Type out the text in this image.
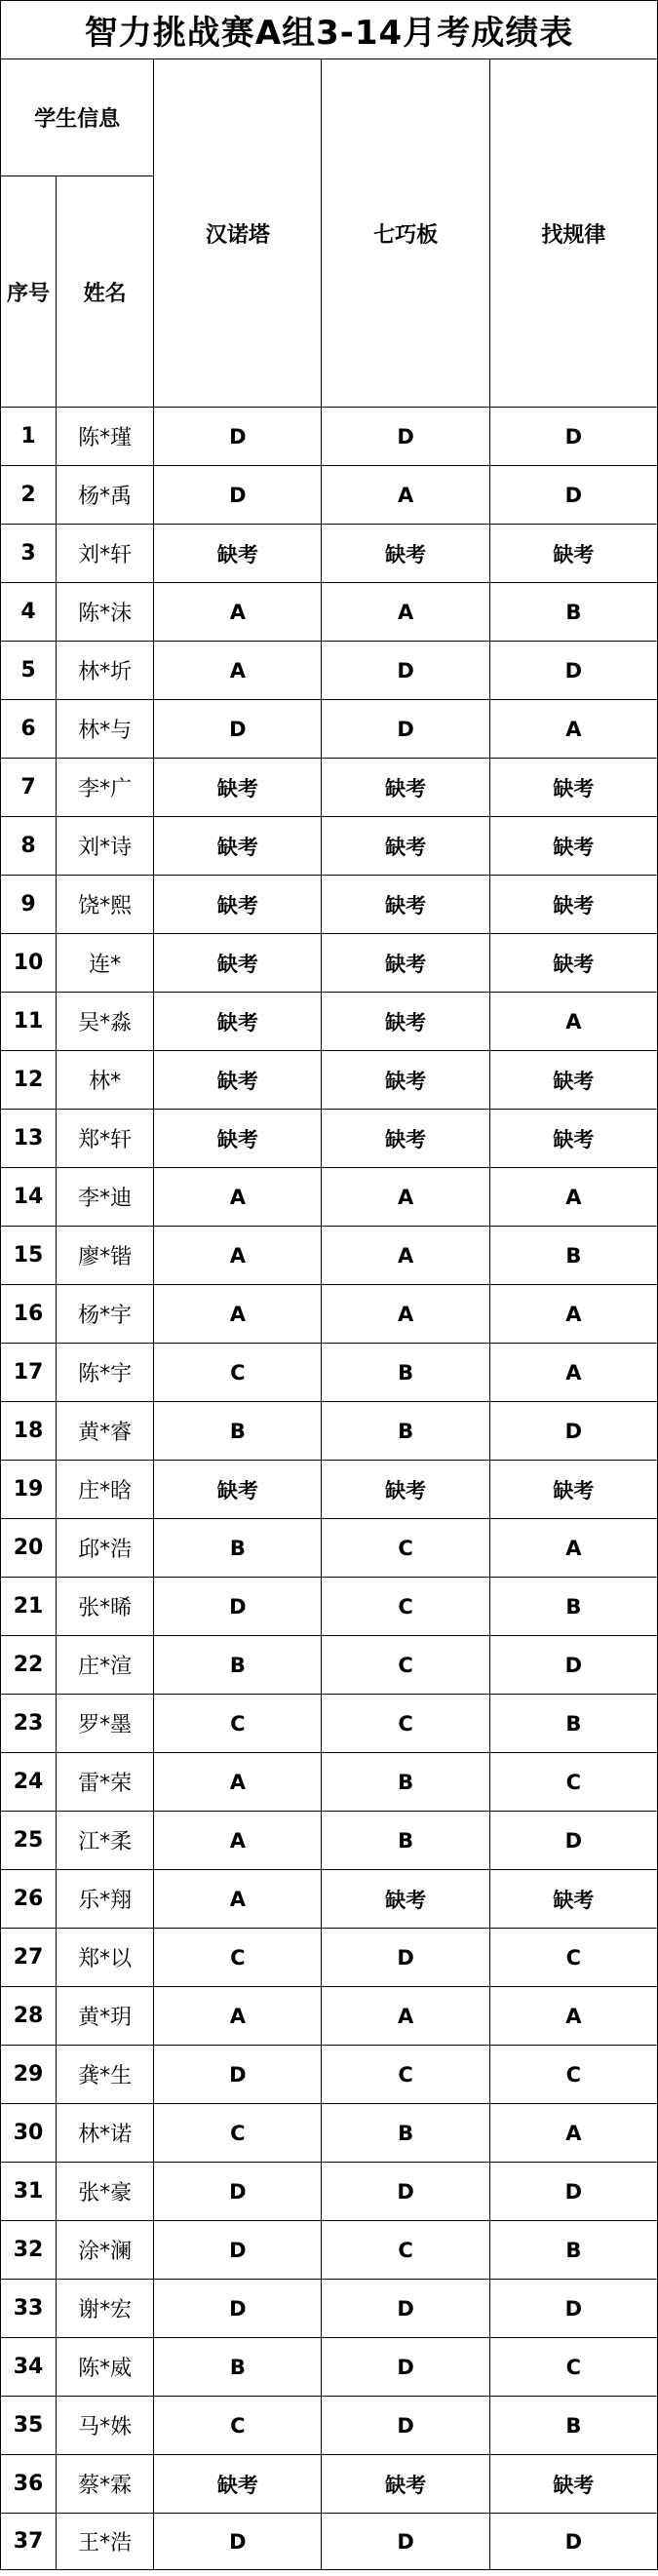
智力挑战赛A组3-14月考成绩表
学生信息		汉诺塔	七巧板	找规律
序号	姓名			
1	陈*瑾	D	D	D
2	杨*禹	D	A	D
3	刘*轩	缺考	缺考	缺考
4	陈*沫	A	A	B
5	林*圻	A	D	D
6	林*与	D	D	A
7	李*广	缺考	缺考	缺考
8	刘*诗	缺考	缺考	缺考
9	饶*熙	缺考	缺考	缺考
10	连*	缺考	缺考	缺考
11	吴*淼	缺考	缺考	A
12	林*	缺考	缺考	缺考
13	郑*轩	缺考	缺考	缺考
14	李*迪	A	A	A
15	廖*锴	A	A	B
16	杨*宇	A	A	A
17	陈*宇	C	B	A
18	黄*睿	B	B	D
19	庄*晗	缺考	缺考	缺考
20	邱*浩	B	C	A
21	张*晞	D	C	B
22	庄*渲	B	C	D
23	罗*墨	C	C	B
24	雷*荣	A	B	C
25	江*柔	A	B	D
26	乐*翔	A	缺考	缺考
27	郑*以	C	D	C
28	黄*玥	A	A	A
29	龚*生	D	C	C
30	林*诺	C	B	A
31	张*豪	D	D	D
32	涂*澜	D	C	B
33	谢*宏	D	D	D
34	陈*威	B	D	C
35	马*姝	C	D	B
36	蔡*霖	缺考	缺考	缺考
37	王*浩	D	D	D
